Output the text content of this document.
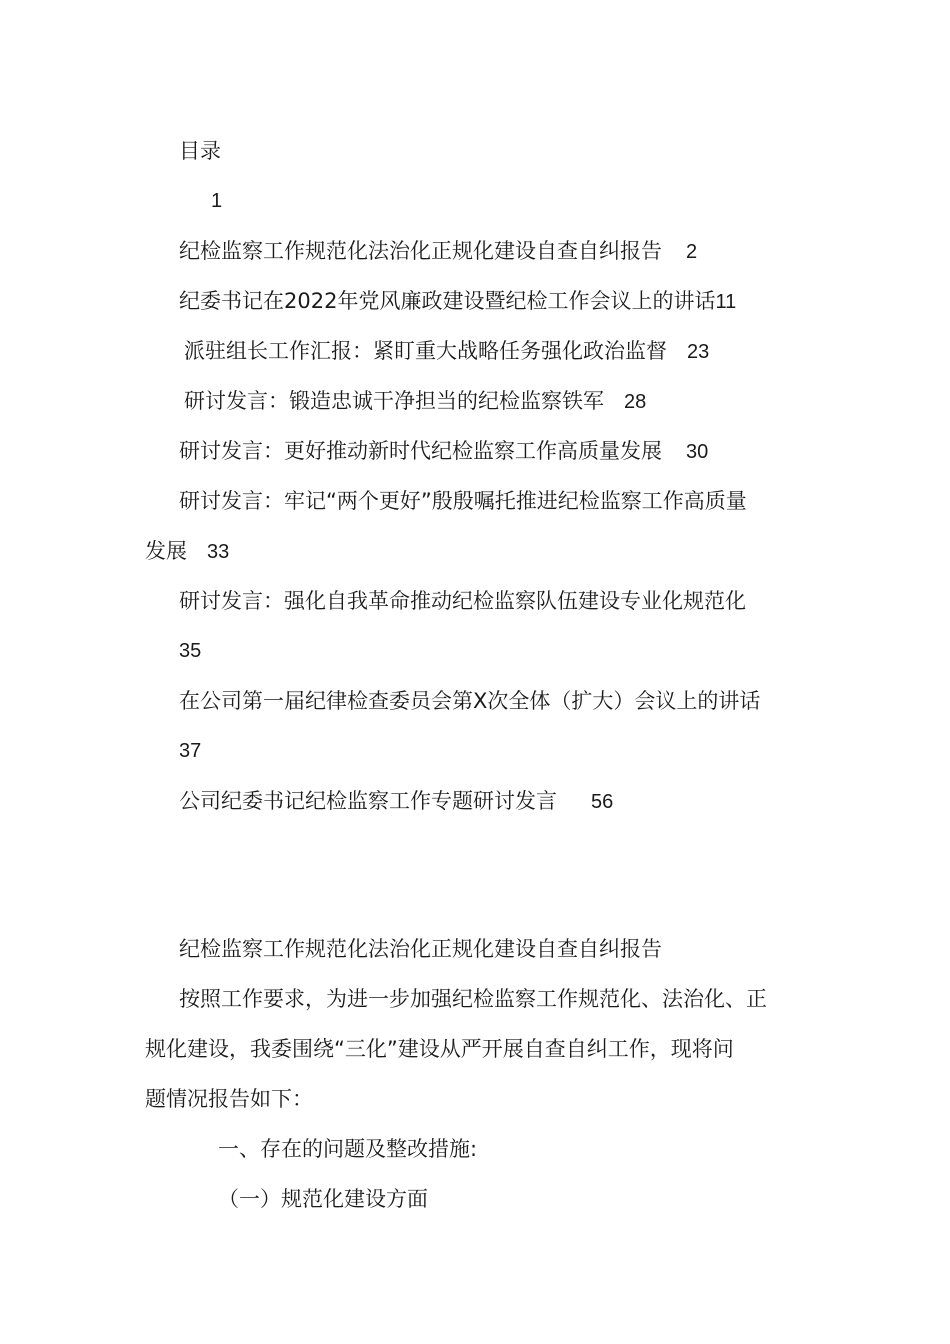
目录
1
纪检监察工作规范化法治化正规化建设自查自纠报告 2
纪委书记在2022年党风廉政建设暨纪检工作会议上的讲话11
派驻组长工作汇报：紧盯重大战略任务强化政治监督 23
研讨发言：锻造忠诚干净担当的纪检监察铁军 28
研讨发言：更好推动新时代纪检监察工作高质量发展 30
研讨发言：牢记“两个更好”殷殷嘱托推进纪检监察工作高质量
发展 33
研讨发言：强化自我革命推动纪检监察队伍建设专业化规范化
35
在公司第一届纪律检查委员会第X次全体（扩大）会议上的讲话
37
公司纪委书记纪检监察工作专题研讨发言 56
纪检监察工作规范化法治化正规化建设自查自纠报告
按照工作要求，为进一步加强纪检监察工作规范化、法治化、正
规化建设，我委围绕“三化”建设从严开展自查自纠工作，现将问
题情况报告如下：
一、存在的问题及整改措施:
（一）规范化建设方面
